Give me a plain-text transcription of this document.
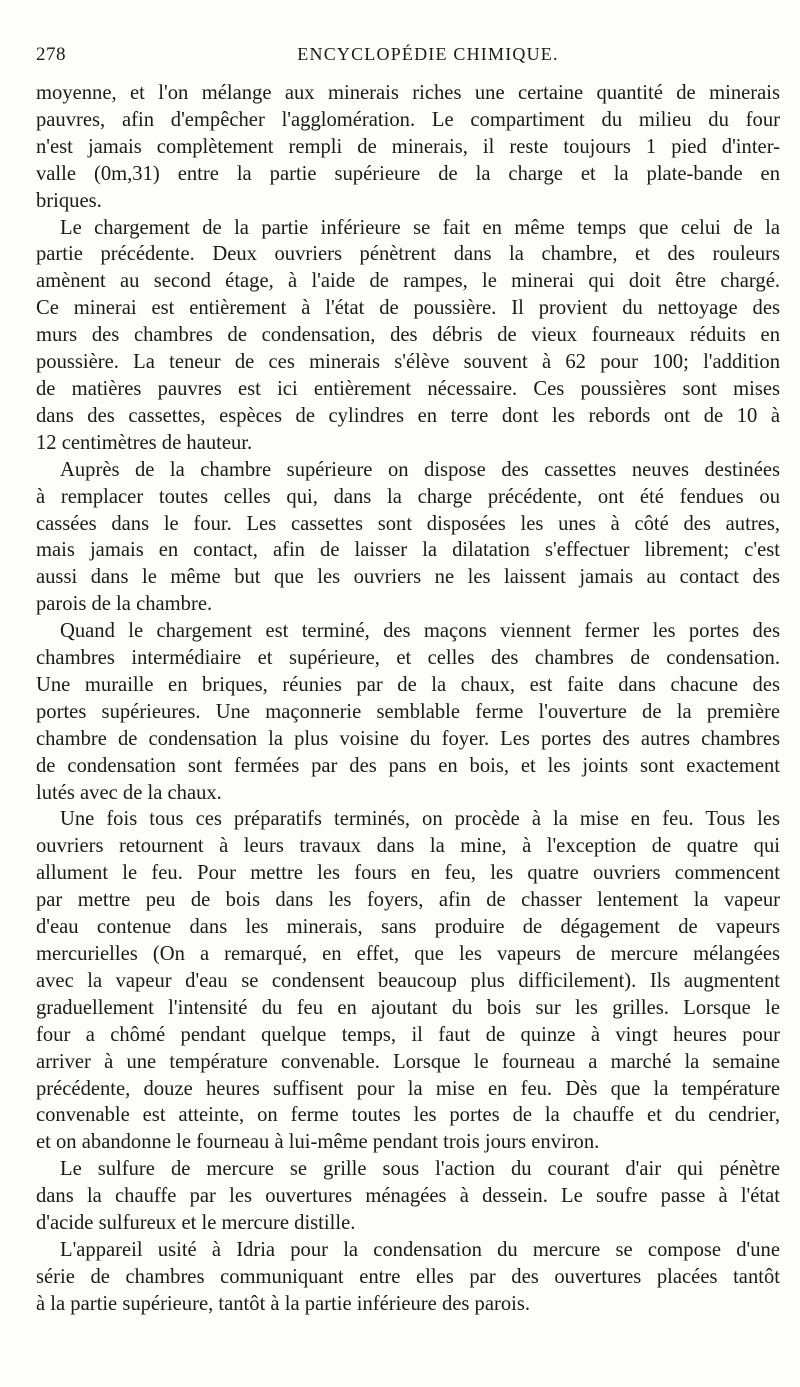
278	ENCYCLOPÉDIE CHIMIQUE.

moyenne, et l'on mélange aux minerais riches une certaine quantité de minerais
pauvres, afin d'empêcher l'agglomération. Le compartiment du milieu du four
n'est jamais complètement rempli de minerais, il reste toujours 1 pied d'inter-
valle (0m,31) entre la partie supérieure de la charge et la plate-bande en
briques.

Le chargement de la partie inférieure se fait en même temps que celui de la
partie précédente. Deux ouvriers pénètrent dans la chambre, et des rouleurs
amènent au second étage, à l'aide de rampes, le minerai qui doit être chargé.
Ce minerai est entièrement à l'état de poussière. Il provient du nettoyage des
murs des chambres de condensation, des débris de vieux fourneaux réduits en
poussière. La teneur de ces minerais s'élève souvent à 62 pour 100; l'addition
de matières pauvres est ici entièrement nécessaire. Ces poussières sont mises
dans des cassettes, espèces de cylindres en terre dont les rebords ont de 10 à
12 centimètres de hauteur.

Auprès de la chambre supérieure on dispose des cassettes neuves destinées
à remplacer toutes celles qui, dans la charge précédente, ont été fendues ou
cassées dans le four. Les cassettes sont disposées les unes à côté des autres,
mais jamais en contact, afin de laisser la dilatation s'effectuer librement; c'est
aussi dans le même but que les ouvriers ne les laissent jamais au contact des
parois de la chambre.

Quand le chargement est terminé, des maçons viennent fermer les portes des
chambres intermédiaire et supérieure, et celles des chambres de condensation.
Une muraille en briques, réunies par de la chaux, est faite dans chacune des
portes supérieures. Une maçonnerie semblable ferme l'ouverture de la première
chambre de condensation la plus voisine du foyer. Les portes des autres chambres
de condensation sont fermées par des pans en bois, et les joints sont exactement
lutés avec de la chaux.

Une fois tous ces préparatifs terminés, on procède à la mise en feu. Tous les
ouvriers retournent à leurs travaux dans la mine, à l'exception de quatre qui
allument le feu. Pour mettre les fours en feu, les quatre ouvriers commencent
par mettre peu de bois dans les foyers, afin de chasser lentement la vapeur
d'eau contenue dans les minerais, sans produire de dégagement de vapeurs
mercurielles (On a remarqué, en effet, que les vapeurs de mercure mélangées
avec la vapeur d'eau se condensent beaucoup plus difficilement). Ils augmentent
graduellement l'intensité du feu en ajoutant du bois sur les grilles. Lorsque le
four a chômé pendant quelque temps, il faut de quinze à vingt heures pour
arriver à une température convenable. Lorsque le fourneau a marché la semaine
précédente, douze heures suffisent pour la mise en feu. Dès que la température
convenable est atteinte, on ferme toutes les portes de la chauffe et du cendrier,
et on abandonne le fourneau à lui-même pendant trois jours environ.

Le sulfure de mercure se grille sous l'action du courant d'air qui pénètre
dans la chauffe par les ouvertures ménagées à dessein. Le soufre passe à l'état
d'acide sulfureux et le mercure distille.

L'appareil usité à Idria pour la condensation du mercure se compose d'une
série de chambres communiquant entre elles par des ouvertures placées tantôt
à la partie supérieure, tantôt à la partie inférieure des parois.
